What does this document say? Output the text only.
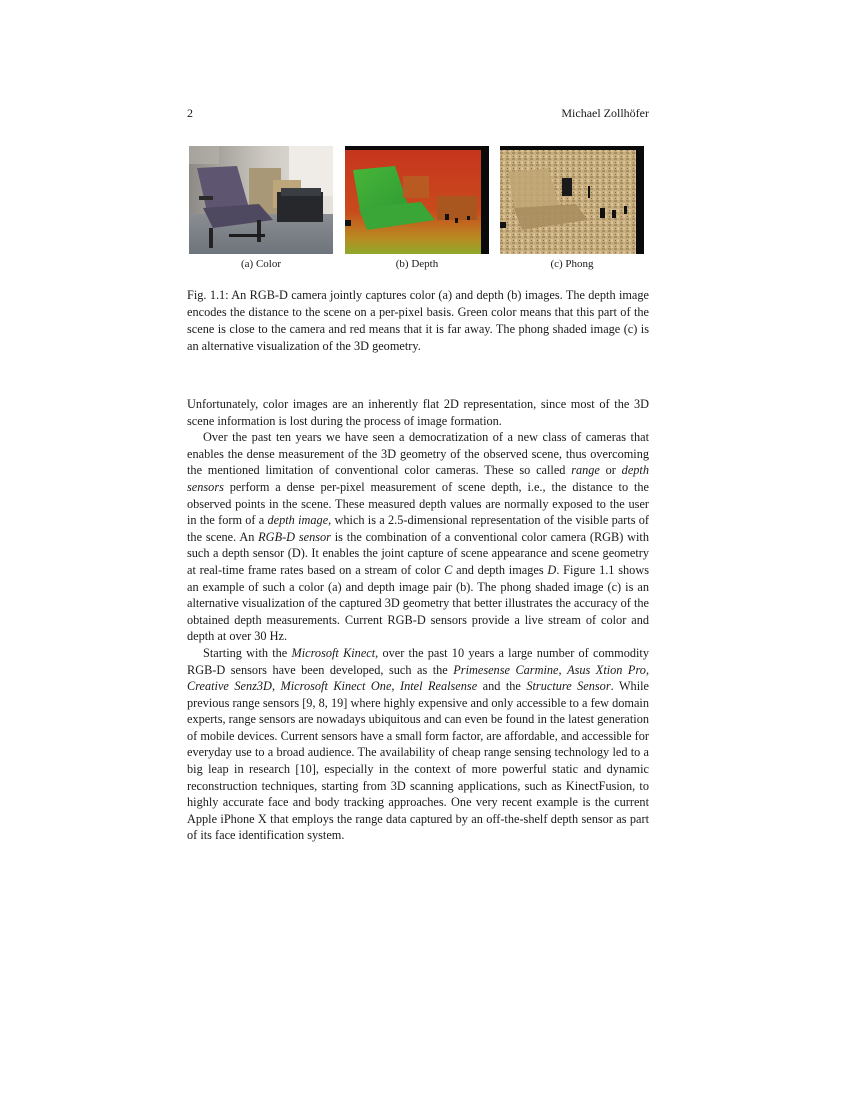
2	Michael Zollhöfer
(a) Color	(b) Depth	(c) Phong
Fig. 1.1: An RGB-D camera jointly captures color (a) and depth (b) images. The depth image encodes the distance to the scene on a per-pixel basis. Green color means that this part of the scene is close to the camera and red means that it is far away. The phong shaded image (c) is an alternative visualization of the 3D geometry.

Unfortunately, color images are an inherently flat 2D representation, since most of the 3D scene information is lost during the process of image formation.

Over the past ten years we have seen a democratization of a new class of cameras that enables the dense measurement of the 3D geometry of the observed scene, thus overcoming the mentioned limitation of conventional color cameras. These so called range or depth sensors perform a dense per-pixel measurement of scene depth, i.e., the distance to the observed points in the scene. These measured depth values are normally exposed to the user in the form of a depth image, which is a 2.5-dimensional representation of the visible parts of the scene. An RGB-D sensor is the combination of a conventional color camera (RGB) with such a depth sensor (D). It enables the joint capture of scene appearance and scene geometry at real-time frame rates based on a stream of color C and depth images D. Figure 1.1 shows an example of such a color (a) and depth image pair (b). The phong shaded image (c) is an alternative visualization of the captured 3D geometry that better illustrates the accuracy of the obtained depth measurements. Current RGB-D sensors provide a live stream of color and depth at over 30 Hz.

Starting with the Microsoft Kinect, over the past 10 years a large number of commodity RGB-D sensors have been developed, such as the Primesense Carmine, Asus Xtion Pro, Creative Senz3D, Microsoft Kinect One, Intel Realsense and the Structure Sensor. While previous range sensors [9, 8, 19] where highly expensive and only accessible to a few domain experts, range sensors are nowadays ubiquitous and can even be found in the latest generation of mobile devices. Current sensors have a small form factor, are affordable, and accessible for everyday use to a broad audience. The availability of cheap range sensing technology led to a big leap in research [10], especially in the context of more powerful static and dynamic reconstruction techniques, starting from 3D scanning applications, such as KinectFusion, to highly accurate face and body tracking approaches. One very recent example is the current Apple iPhone X that employs the range data captured by an off-the-shelf depth sensor as part of its face identification system.
